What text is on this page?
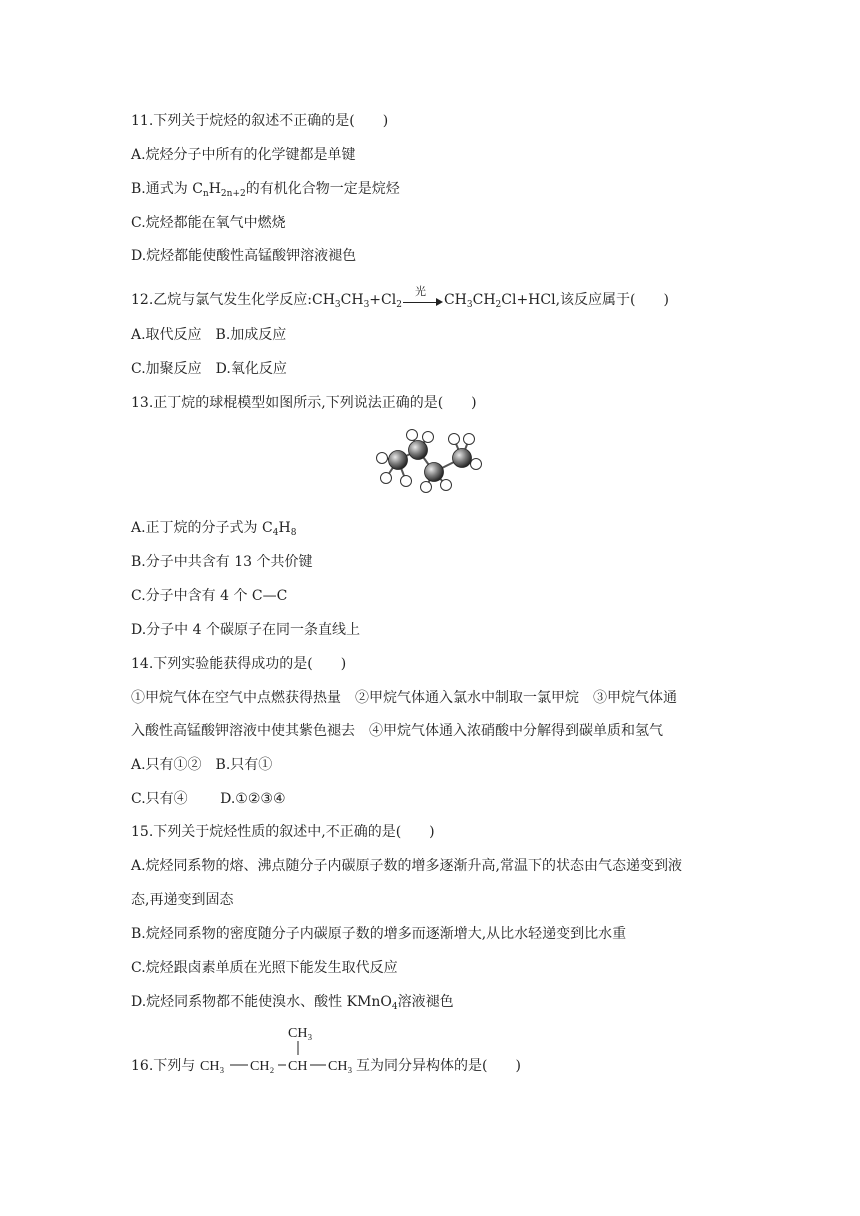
11.下列关于烷烃的叙述不正确的是(　　)
A.烷烃分子中所有的化学键都是单键
B.通式为 $C_nH_{2n+2}$的有机化合物一定是烷烃
C.烷烃都能在氧气中燃烧
D.烷烃都能使酸性高锰酸钾溶液褪色
12.乙烷与氯气发生化学反应$:CH_3CH_3+Cl_2$
光
$CH_3CH_2Cl+HCl$,该反应属于(　　)
A.取代反应　B.加成反应
C.加聚反应　D.氧化反应
13.正丁烷的球棍模型如图所示,下列说法正确的是(　　)
A.正丁烷的分子式为 $C_4H_8$
B.分子中共含有 13 个共价键
C.分子中含有 4 个 C—C
D.分子中 4 个碳原子在同一条直线上
14.下列实验能获得成功的是(　　)
①甲烷气体在空气中点燃获得热量　②甲烷气体通入氯水中制取一氯甲烷　③甲烷气体通
入酸性高锰酸钾溶液中使其紫色褪去　④甲烷气体通入浓硝酸中分解得到碳单质和氢气
A.只有①②　B.只有①
C.只有④　　 D.①②③④
15.下列关于烷烃性质的叙述中,不正确的是(　　)
A.烷烃同系物的熔、沸点随分子内碳原子数的增多逐渐升高,常温下的状态由气态递变到液
态,再递变到固态
B.烷烃同系物的密度随分子内碳原子数的增多而逐渐增大,从比水轻递变到比水重
C.烷烃跟卤素单质在光照下能发生取代反应
D.烷烃同系物都不能使溴水、酸性 KMnO$_4$溶液褪色
16.下列与
CH₃
CH₃ CH₂ CH CH₃ 互为同分异构体的是(　　)
